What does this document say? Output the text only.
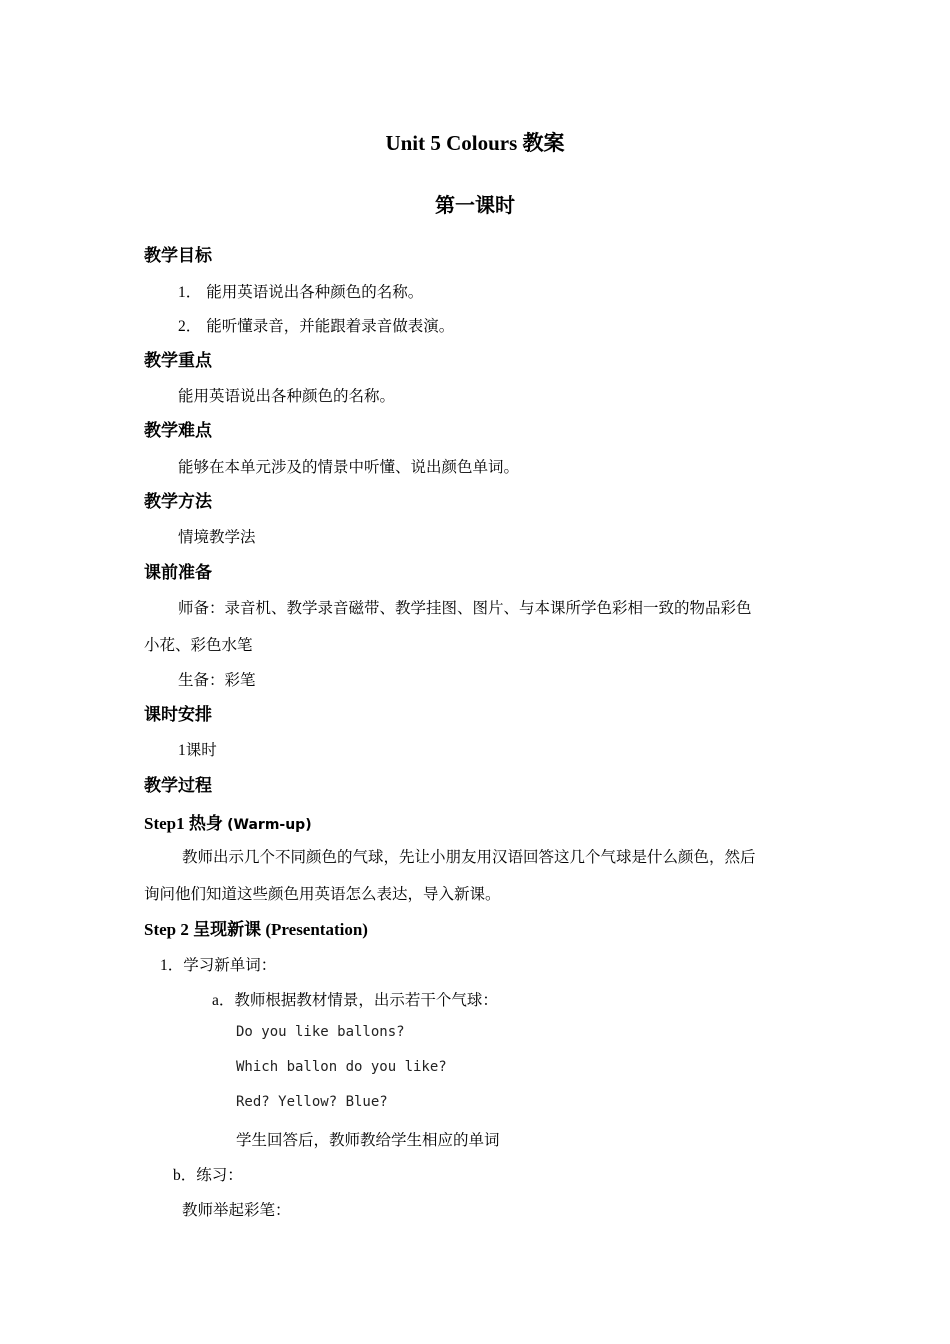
Unit 5 Colours 教案
第一课时
教学目标
1． 能用英语说出各种颜色的名称。
2． 能听懂录音，并能跟着录音做表演。
教学重点
能用英语说出各种颜色的名称。
教学难点
能够在本单元涉及的情景中听懂、说出颜色单词。
教学方法
情境教学法
课前准备
师备：录音机、教学录音磁带、教学挂图、图片、与本课所学色彩相一致的物品彩色
小花、彩色水笔
生备：彩笔
课时安排
1课时
教学过程
Step1 热身 (Warm-up)
教师出示几个不同颜色的气球，先让小朋友用汉语回答这几个气球是什么颜色，然后
询问他们知道这些颜色用英语怎么表达，导入新课。
Step 2 呈现新课 (Presentation)
1．学习新单词：
a．教师根据教材情景，出示若干个气球：
Do you like ballons?
Which ballon do you like?
Red? Yellow? Blue?
学生回答后，教师教给学生相应的单词
b．练习：
教师举起彩笔：
